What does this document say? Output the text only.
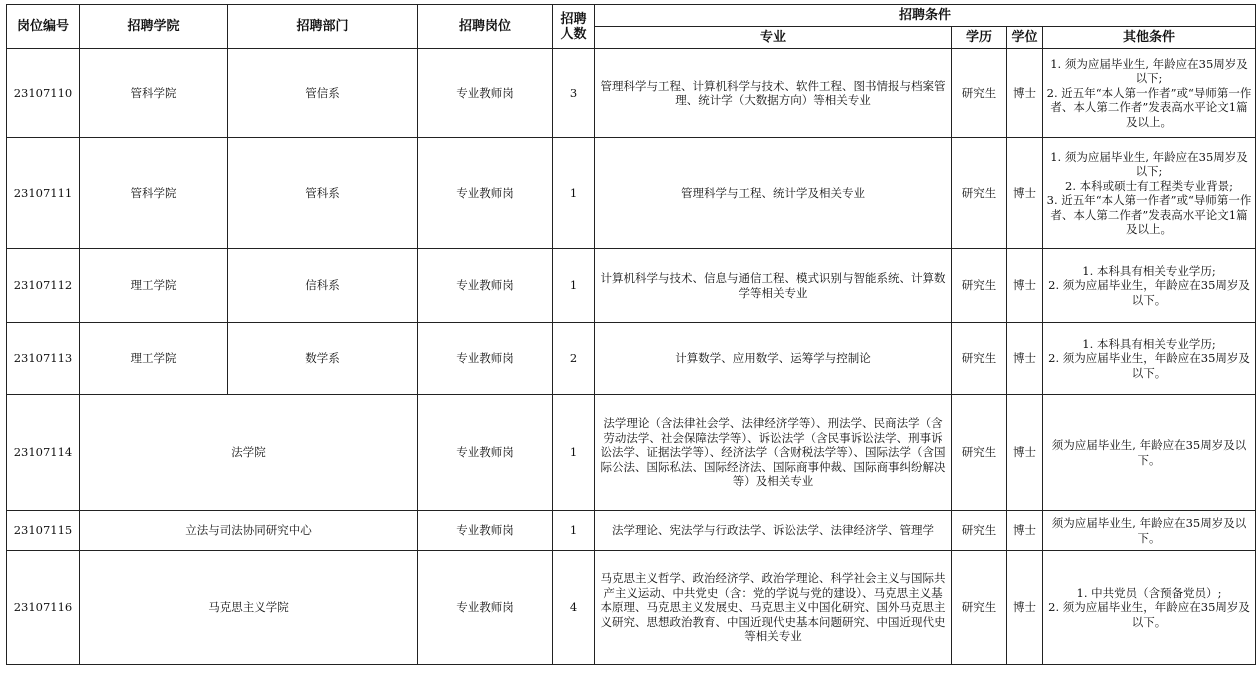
岗位编号	招聘学院	招聘部门	招聘岗位	招聘人数	招聘条件			
					专业	学历	学位	其他条件
23107110	管科学院	管信系	专业教师岗	3	管理科学与工程、计算机科学与技术、软件工程、图书情报与档案管理、统计学（大数据方向）等相关专业	研究生	博士	1. 须为应届毕业生, 年龄应在35周岁及以下;
2. 近五年“本人第一作者”或“导师第一作者、本人第二作者”发表高水平论文1篇及以上。

23107111	管科学院	管科系	专业教师岗	1	管理科学与工程、统计学及相关专业	研究生	博士	1. 须为应届毕业生, 年龄应在35周岁及以下;
2. 本科或硕士有工程类专业背景;
3. 近五年“本人第一作者”或“导师第一作者、本人第二作者”发表高水平论文1篇及以上。

23107112	理工学院	信科系	专业教师岗	1	计算机科学与技术、信息与通信工程、模式识别与智能系统、计算数学等相关专业	研究生	博士	1. 本科具有相关专业学历;
2. 须为应届毕业生，年龄应在35周岁及以下。

23107113	理工学院	数学系	专业教师岗	2	计算数学、应用数学、运筹学与控制论	研究生	博士	1. 本科具有相关专业学历;
2. 须为应届毕业生，年龄应在35周岁及以下。

23107114	法学院		专业教师岗	1	法学理论（含法律社会学、法律经济学等）、刑法学、民商法学（含劳动法学、社会保障法学等）、诉讼法学（含民事诉讼法学、刑事诉讼法学、证据法学等）、经济法学（含财税法学等）、国际法学（含国际公法、国际私法、国际经济法、国际商事仲裁、国际商事纠纷解决等）及相关专业	研究生	博士	须为应届毕业生, 年龄应在35周岁及以下。

23107115	立法与司法协同研究中心		专业教师岗	1	法学理论、宪法学与行政法学、诉讼法学、法律经济学、管理学	研究生	博士	须为应届毕业生, 年龄应在35周岁及以下。

23107116	马克思主义学院		专业教师岗	4	马克思主义哲学、政治经济学、政治学理论、科学社会主义与国际共产主义运动、中共党史（含：党的学说与党的建设）、马克思主义基本原理、马克思主义发展史、马克思主义中国化研究、国外马克思主义研究、思想政治教育、中国近现代史基本问题研究、中国近现代史等相关专业	研究生	博士	1. 中共党员（含预备党员）;
2. 须为应届毕业生，年龄应在35周岁及以下。
